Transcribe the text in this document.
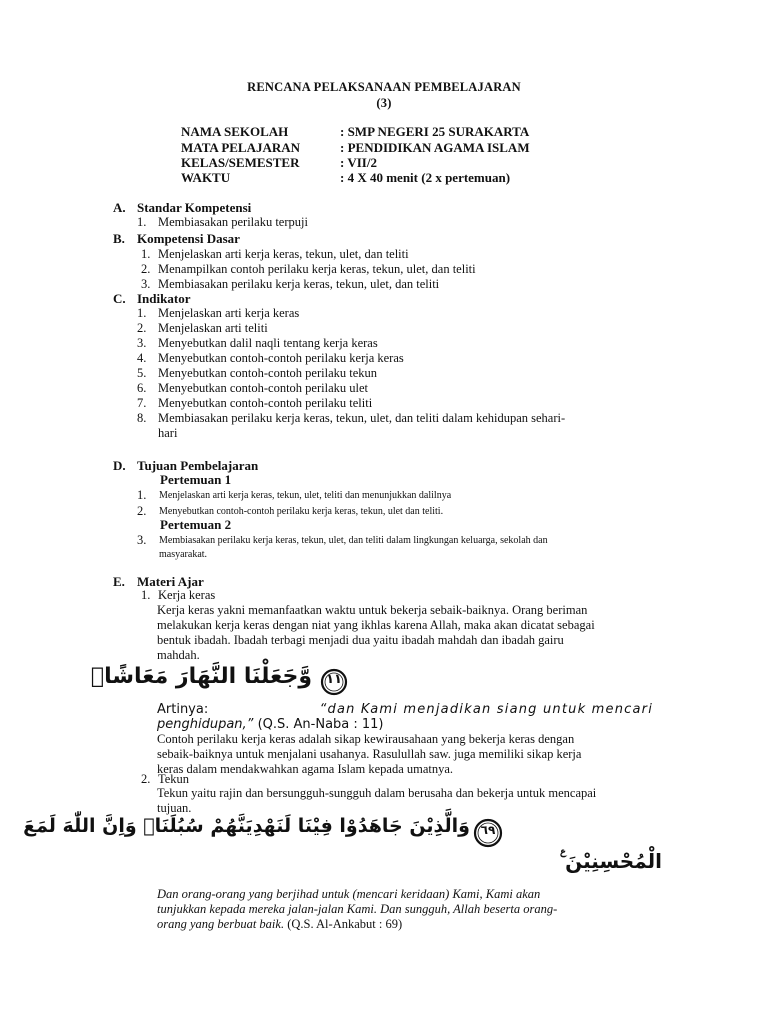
RENCANA PELAKSANAAN PEMBELAJARAN
(3)
NAMA SEKOLAH	: SMP NEGERI 25 SURAKARTA
MATA PELAJARAN	: PENDIDIKAN AGAMA ISLAM
KELAS/SEMESTER	: VII/2
WAKTU	: 4 X 40 menit (2 x pertemuan)
A. Standar Kompetensi
1. Membiasakan perilaku terpuji
B. Kompetensi Dasar
1. Menjelaskan arti kerja keras, tekun, ulet, dan teliti
2. Menampilkan contoh perilaku kerja keras, tekun, ulet, dan teliti
3. Membiasakan perilaku kerja keras, tekun, ulet, dan teliti
C. Indikator
1. Menjelaskan arti kerja keras
2. Menjelaskan arti teliti
3. Menyebutkan dalil naqli tentang kerja keras
4. Menyebutkan contoh-contoh perilaku kerja keras
5. Menyebutkan contoh-contoh perilaku tekun
6. Menyebutkan contoh-contoh perilaku ulet
7. Menyebutkan contoh-contoh perilaku teliti
8. Membiasakan perilaku kerja keras, tekun, ulet, dan teliti dalam kehidupan sehari-
hari
D. Tujuan Pembelajaran
Pertemuan 1
1. Menjelaskan arti kerja keras, tekun, ulet, teliti dan menunjukkan dalilnya
2. Menyebutkan contoh-contoh perilaku kerja keras, tekun, ulet dan teliti.
Pertemuan 2
3. Membiasakan perilaku kerja keras, tekun, ulet, dan teliti dalam lingkungan keluarga, sekolah dan
masyarakat.
E. Materi Ajar
1. Kerja keras
Kerja keras yakni memanfaatkan waktu untuk bekerja sebaik-baiknya. Orang beriman
melakukan kerja keras dengan niat yang ikhlas karena Allah, maka akan dicatat sebagai
bentuk ibadah. Ibadah terbagi menjadi dua yaitu ibadah mahdah dan ibadah gairu
mahdah.
١١
وَّجَعَلْنَا النَّهَارَ مَعَاشًاۖ
Artinya:	“dan Kami menjadikan siang untuk mencari
penghidupan,” (Q.S. An-Naba : 11)
Contoh perilaku kerja keras adalah sikap kewirausahaan yang bekerja keras dengan
sebaik-baiknya untuk menjalani usahanya. Rasulullah saw. juga memiliki sikap kerja
keras dalam mendakwahkan agama Islam kepada umatnya.
2. Tekun
Tekun yaitu rajin dan bersungguh-sungguh dalam berusaha dan bekerja untuk mencapai
tujuan.
٦٩
وَالَّذِيْنَ جَاهَدُوْا فِيْنَا لَنَهْدِيَنَّهُمْ سُبُلَنَاۗ وَاِنَّ اللّٰهَ لَمَعَ
الْمُحْسِنِيْنَ ࣖ
Dan orang-orang yang berjihad untuk (mencari keridaan) Kami, Kami akan
tunjukkan kepada mereka jalan-jalan Kami. Dan sungguh, Allah beserta orang-
orang yang berbuat baik. (Q.S. Al-Ankabut : 69)
